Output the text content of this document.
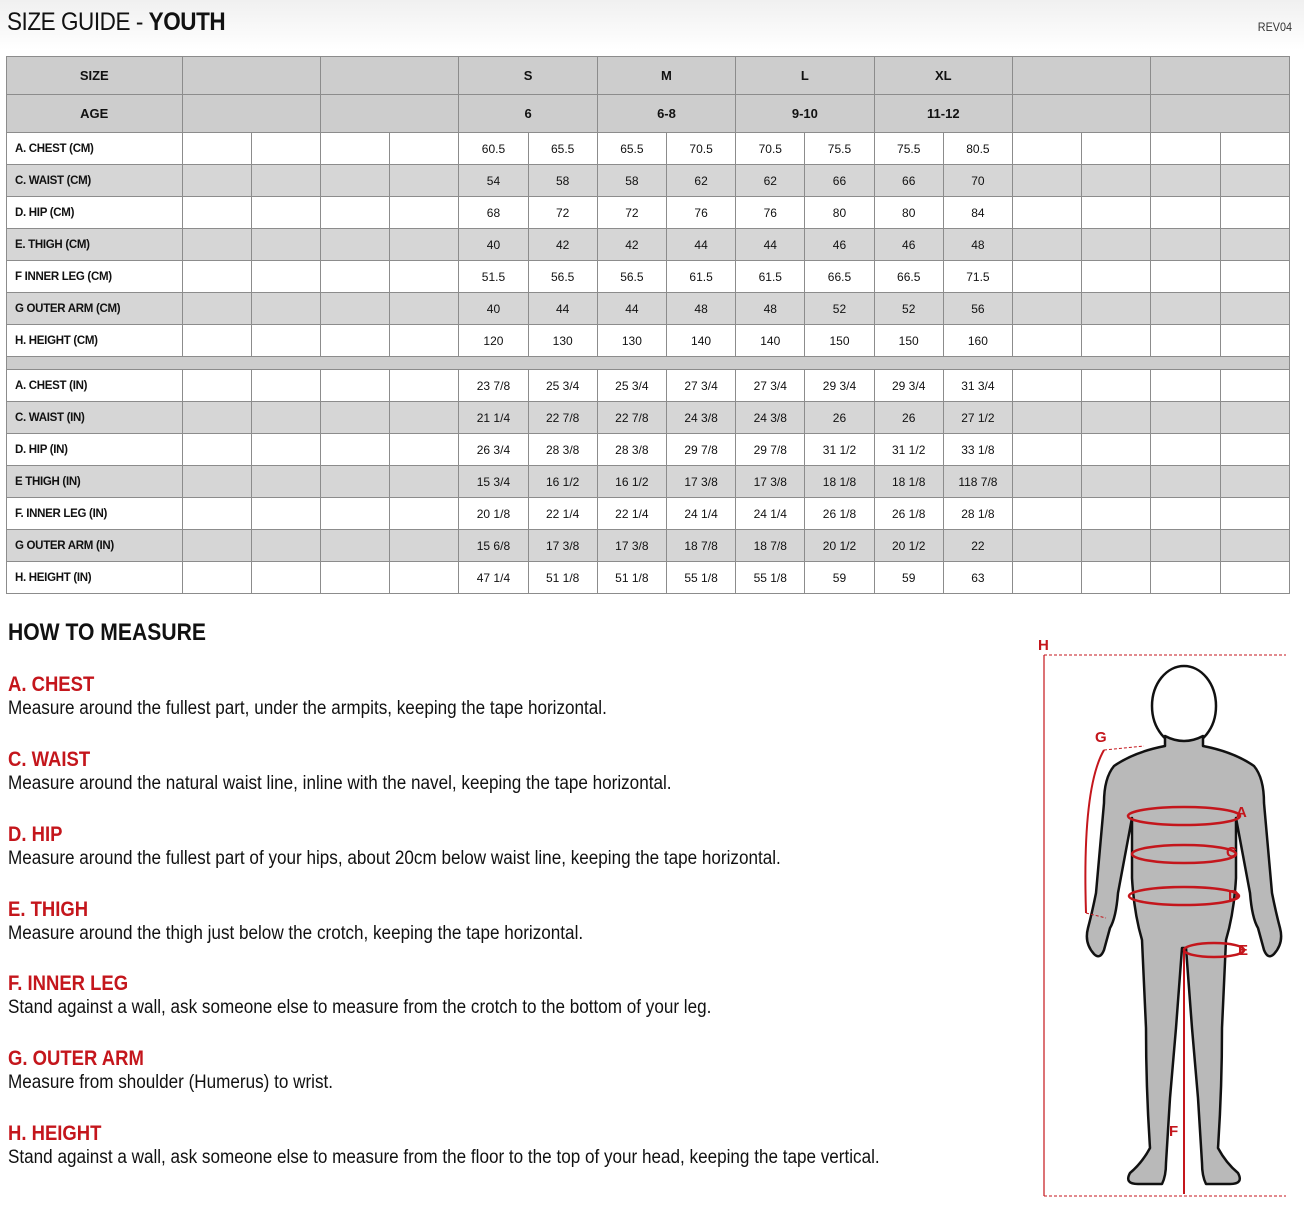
SIZE GUIDE - YOUTH	REV04
SIZE					S		M		L		XL					
AGE					6		6-8		9-10		11-12					
A. CHEST (CM)					60.5	65.5	65.5	70.5	70.5	75.5	75.5	80.5				
C. WAIST (CM)					54	58	58	62	62	66	66	70				
D. HIP (CM)					68	72	72	76	76	80	80	84				
E. THIGH (CM)					40	42	42	44	44	46	46	48				
F INNER LEG (CM)					51.5	56.5	56.5	61.5	61.5	66.5	66.5	71.5				
G OUTER ARM (CM)					40	44	44	48	48	52	52	56				
H. HEIGHT (CM)					120	130	130	140	140	150	150	160				

A. CHEST (IN)					23 7/8	25 3/4	25 3/4	27 3/4	27 3/4	29 3/4	29 3/4	31 3/4				
C. WAIST (IN)					21 1/4	22 7/8	22 7/8	24 3/8	24 3/8	26	26	27 1/2				
D. HIP (IN)					26 3/4	28 3/8	28 3/8	29 7/8	29 7/8	31 1/2	31 1/2	33 1/8				
E THIGH (IN)					15 3/4	16 1/2	16 1/2	17 3/8	17 3/8	18 1/8	18 1/8	118 7/8				
F. INNER LEG (IN)					20 1/8	22 1/4	22 1/4	24 1/4	24 1/4	26 1/8	26 1/8	28 1/8				
G OUTER ARM (IN)					15 6/8	17 3/8	17 3/8	18 7/8	18 7/8	20 1/2	20 1/2	22				
H. HEIGHT (IN)					47 1/4	51 1/8	51 1/8	55 1/8	55 1/8	59	59	63				
HOW TO MEASURE
A. CHEST
Measure around the fullest part, under the armpits, keeping the tape horizontal.
C. WAIST
Measure around the natural waist line, inline with the navel, keeping the tape horizontal.
D. HIP
Measure around the fullest part of your hips, about 20cm below waist line, keeping the tape horizontal.
E. THIGH
Measure around the thigh just below the crotch, keeping the tape horizontal.
F. INNER LEG
Stand against a wall, ask someone else to measure from the crotch to the bottom of your leg.
G. OUTER ARM
Measure from shoulder (Humerus) to wrist.
H. HEIGHT
Stand against a wall, ask someone else to measure from the floor to the top of your head, keeping the tape vertical.
H
G
A
C
D
E
F
